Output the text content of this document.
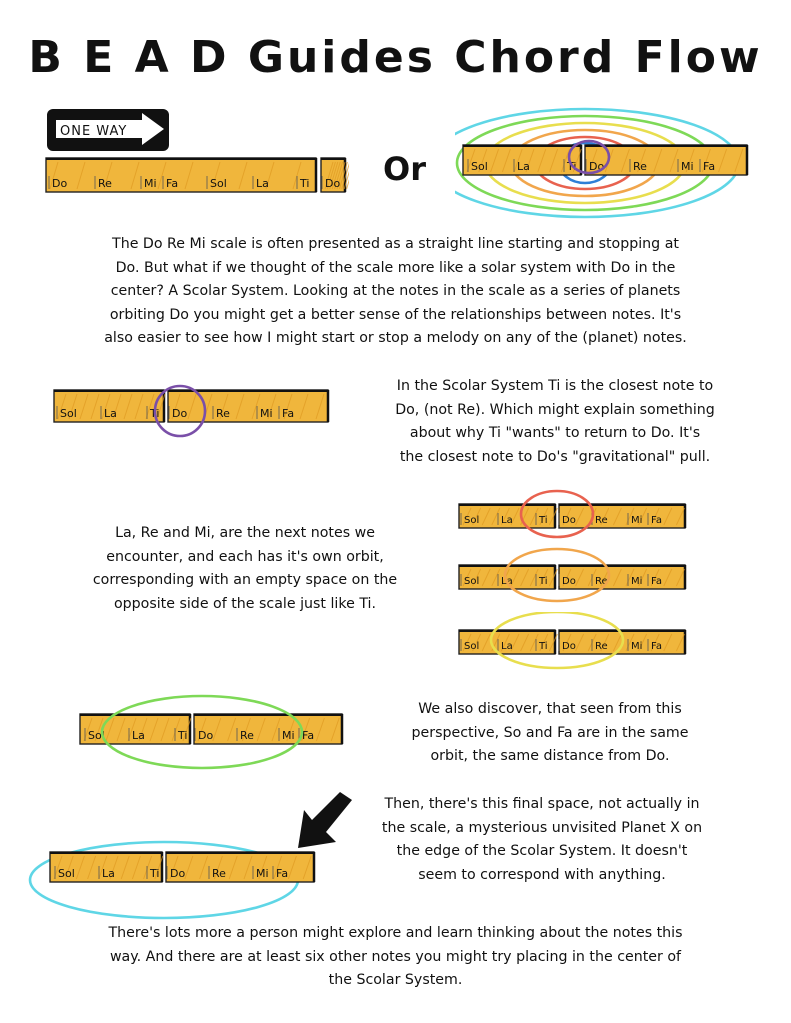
B E A D Guides Chord Flow
ONE WAY
Or
Do	Re	Mi Fa	Sol	La	Ti Do
Sol	La	Ti Do	Re	Mi Fa
Sol La	Ti Do	Re	Mi Fa
Sol La	Ti Do Re Mi Fa
Sol La	Ti Do Re Mi Fa
Sol La	Ti Do Re Mi Fa
Sol La	Ti Do Re	Mi Fa
Sol La	Ti Do Re	Mi Fa
The Do Re Mi scale is often presented as a straight line starting and stopping at
Do. But what if we thought of the scale more like a solar system with Do in the
center? A Scolar System. Looking at the notes in the scale as a series of planets
orbiting Do you might get a better sense of the relationships between notes. It's
also easier to see how I might start or stop a melody on any of the (planet) notes.
In the Scolar System Ti is the closest note to
Do, (not Re). Which might explain something
about why Ti "wants" to return to Do. It's
the closest note to Do's "gravitational" pull.
La, Re and Mi, are the next notes we
encounter, and each has it's own orbit,
corresponding with an empty space on the
opposite side of the scale just like Ti.
We also discover, that seen from this
perspective, So and Fa are in the same
orbit, the same distance from Do.
Then, there's this final space, not actually in
the scale, a mysterious unvisited Planet X on
the edge of the Scolar System. It doesn't
seem to correspond with anything.
There's lots more a person might explore and learn thinking about the notes this
way. And there are at least six other notes you might try placing in the center of
the Scolar System.
